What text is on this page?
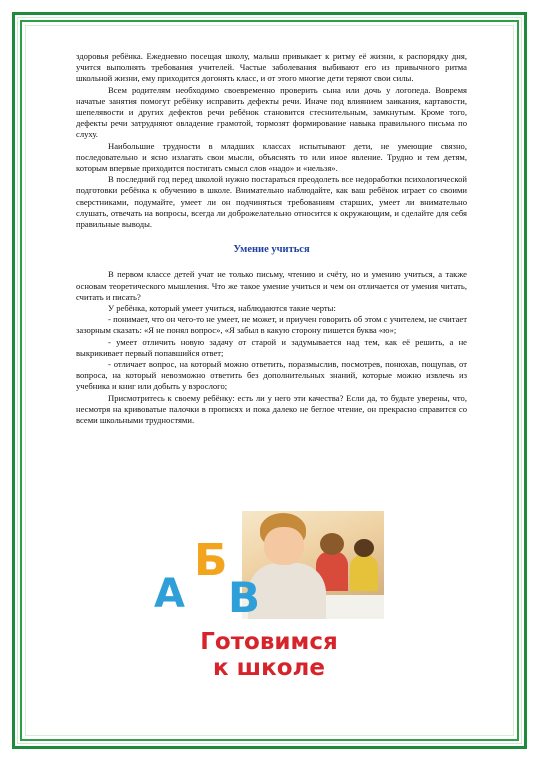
здоровья ребёнка. Ежедневно посещая школу, малыш привыкает к ритму её жизни, к распорядку дня, учится выполнять требования учителей. Частые заболевания выбивают его из привычного ритма школьной жизни, ему приходится догонять класс, и от этого многие дети теряют свои силы.

Всем родителям необходимо своевременно проверить сына или дочь у логопеда. Вовремя начатые занятия помогут ребёнку исправить дефекты речи. Иначе под влиянием заикания, картавости, шепелявости и других дефектов речи ребёнок становится стеснительным, замкнутым. Кроме того, дефекты речи затрудняют овладение грамотой, тормозят формирование навыка правильного письма по слуху.

Наибольшие трудности в младших классах испытывают дети, не умеющие связно, последовательно и ясно излагать свои мысли, объяснять то или иное явление. Трудно и тем детям, которым впервые приходится постигать смысл слов «надо» и «нельзя».

В последний год перед школой нужно постараться преодолеть все недоработки психологической подготовки ребёнка к обучению в школе. Внимательно наблюдайте, как ваш ребёнок играет со своими сверстниками, подумайте, умеет ли он подчиняться требованиям старших, умеет ли внимательно слушать, отвечать на вопросы, всегда ли доброжелательно относится к окружающим, и сделайте для себя правильные выводы.

Умение учиться

В первом классе детей учат не только письму, чтению и счёту, но и умению учиться, а также основам теоретического мышления. Что же такое умение учиться и чем он отличается от умения читать, считать и писать?

У ребёнка, который умеет учиться, наблюдаются такие черты:

- понимает, что он чего-то не умеет, не может, и приучен говорить об этом с учителем, не считает зазорным сказать: «Я не понял вопрос», «Я забыл в какую сторону пишется буква «ю»;

- умеет отличить новую задачу от старой и задумывается над тем, как её решить, а не выкрикивает первый попавшийся ответ;

- отличает вопрос, на который можно ответить, поразмыслив, посмотрев, понюхав, пощупав, от вопроса, на который невозможно ответить без дополнительных знаний, которые можно извлечь из учебника и книг или добыть у взрослого;

Присмотритесь к своему ребёнку: есть ли у него эти качества? Если да, то будьте уверены, что, несмотря на кривоватые палочки в прописях и пока далеко не беглое чтение, он прекрасно справится со всеми школьными трудностями.

А
Б
В
Готовимся
к школе
